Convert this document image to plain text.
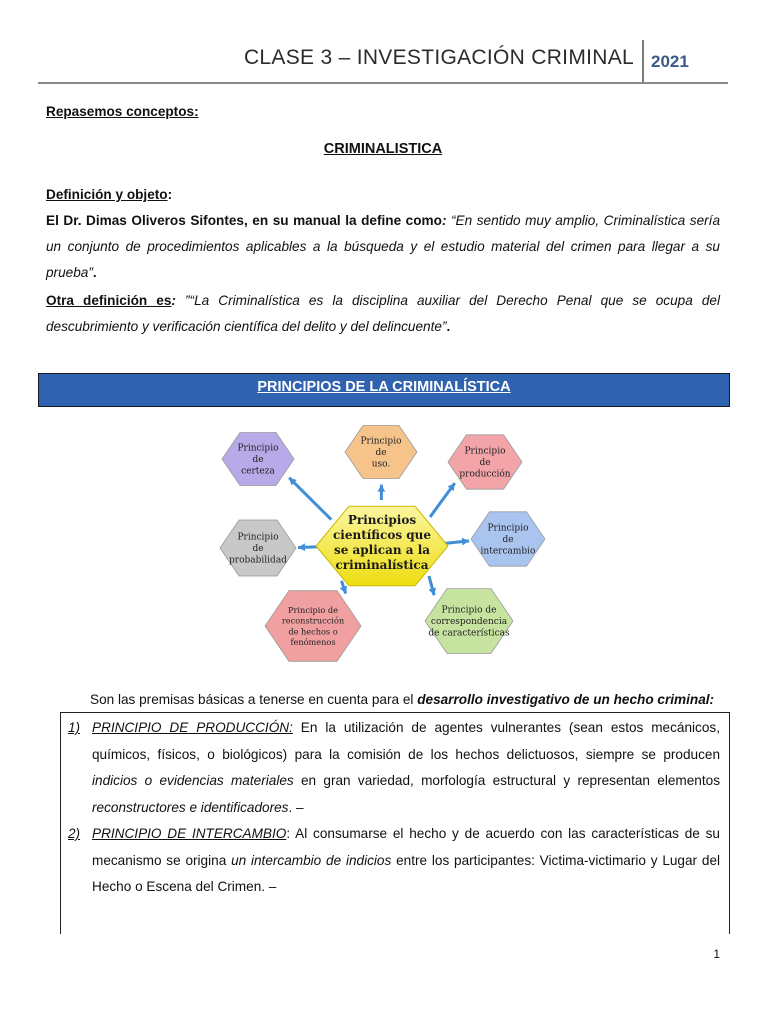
CLASE 3 – INVESTIGACIÓN CRIMINAL 2021

Repasemos conceptos:

CRIMINALISTICA

Definición y objeto:

El Dr. Dimas Oliveros Sifontes, en su manual la define como: “En sentido muy amplio, Criminalística sería un conjunto de procedimientos aplicables a la búsqueda y el estudio material del crimen para llegar a su prueba”.

Otra definición es: ”“La Criminalística es la disciplina auxiliar del Derecho Penal que se ocupa del descubrimiento y verificación científica del delito y del delincuente”.

PRINCIPIOS DE LA CRIMINALÍSTICA
Principios
científicos que
se aplican a la
criminalística
Principio
de
certeza
Principio
de
uso.
Principio
de
producción
Principio
de
intercambio
Principio de
correspondencia
de características
Principio de
reconstrucción
de hechos o
fenómenos
Principio
de
probabilidad

Son las premisas básicas a tenerse en cuenta para el desarrollo investigativo de un hecho criminal:

1) PRINCIPIO DE PRODUCCIÓN: En la utilización de agentes vulnerantes (sean estos mecánicos, químicos, físicos, o biológicos) para la comisión de los hechos delictuosos, siempre se producen indicios o evidencias materiales en gran variedad, morfología estructural y representan elementos reconstructores e identificadores. –
2) PRINCIPIO DE INTERCAMBIO: Al consumarse el hecho y de acuerdo con las características de su mecanismo se origina un intercambio de indicios entre los participantes: Victima-victimario y Lugar del Hecho o Escena del Crimen. –
1
